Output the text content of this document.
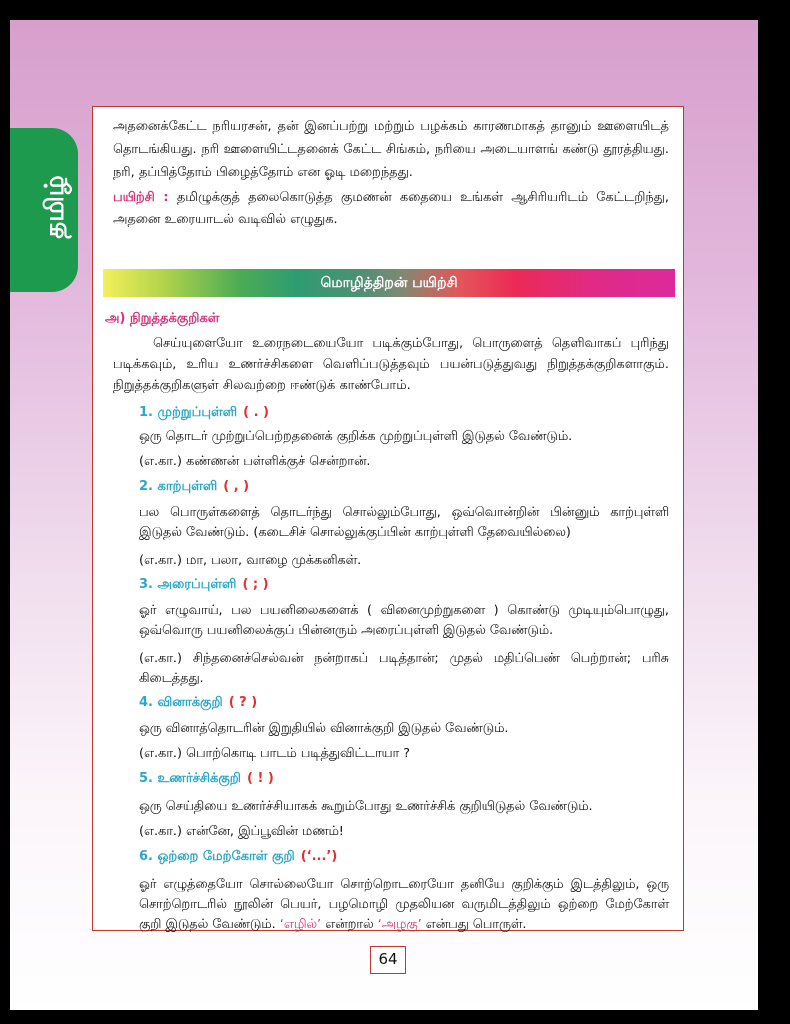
தமிழ்

அதனைக்கேட்ட நரியரசன், தன் இனப்பற்று மற்றும் பழக்கம் காரணமாகத் தானும் ஊளையிடத் தொடங்கியது. நரி ஊளையிட்டதனைக் கேட்ட சிங்கம், நரியை அடையாளங் கண்டு தூரத்தியது. நரி, தப்பித்தோம் பிழைத்தோம் என ஓடி மறைந்தது.

பயிற்சி : தமிழுக்குத் தலைகொடுத்த குமணன் கதையை உங்கள் ஆசிரியரிடம் கேட்டறிந்து, அதனை உரையாடல் வடிவில் எழுதுக.

மொழித்திறன் பயிற்சி
அ) நிறுத்தக்குறிகள்

செய்யுளையோ உரைநடையையோ படிக்கும்போது, பொருளைத் தெளிவாகப் புரிந்து படிக்கவும், உரிய உணர்ச்சிகளை வெளிப்படுத்தவும் பயன்படுத்துவது நிறுத்தக்குறிகளாகும். நிறுத்தக்குறிகளுள் சிலவற்றை ஈண்டுக் காண்போம்.

1. முற்றுப்புள்ளி ( . )

ஒரு தொடர் முற்றுப்பெற்றதனைக் குறிக்க முற்றுப்புள்ளி இடுதல் வேண்டும்.

(எ.கா.) கண்ணன் பள்ளிக்குச் சென்றான்.

2. காற்புள்ளி ( , )

பல பொருள்களைத் தொடர்ந்து சொல்லும்போது, ஒவ்வொன்றின் பின்னும் காற்புள்ளி இடுதல் வேண்டும். (கடைசிச் சொல்லுக்குப்பின் காற்புள்ளி தேவையில்லை)

(எ.கா.) மா, பலா, வாழை முக்கனிகள்.

3. அரைப்புள்ளி ( ; )

ஓர் எழுவாய், பல பயனிலைகளைக் ( வினைமுற்றுகளை ) கொண்டு முடியும்பொழுது, ஒவ்வொரு பயனிலைக்குப் பின்னரும் அரைப்புள்ளி இடுதல் வேண்டும்.

(எ.கா.) சிந்தனைச்செல்வன் நன்றாகப் படித்தான்; முதல் மதிப்பெண் பெற்றான்; பரிசு கிடைத்தது.

4. வினாக்குறி ( ? )

ஒரு வினாத்தொடரின் இறுதியில் வினாக்குறி இடுதல் வேண்டும்.

(எ.கா.) பொற்கொடி பாடம் படித்துவிட்டாயா ?

5. உணர்ச்சிக்குறி ( ! )

ஒரு செய்தியை உணர்ச்சியாகக் கூறும்போது உணர்ச்சிக் குறியிடுதல் வேண்டும்.

(எ.கா.) என்னே, இப்பூவின் மணம்!

6. ஒற்றை மேற்கோள் குறி (‘...’)

ஓர் எழுத்தையோ சொல்லையோ சொற்றொடரையோ தனியே குறிக்கும் இடத்திலும், ஒரு சொற்றொடரில் நூலின் பெயர், பழமொழி முதலியன வருமிடத்திலும் ஒற்றை மேற்கோள் குறி இடுதல் வேண்டும். ‘எழில்’ என்றால் ‘அழகு’ என்பது பொருள்.

64
